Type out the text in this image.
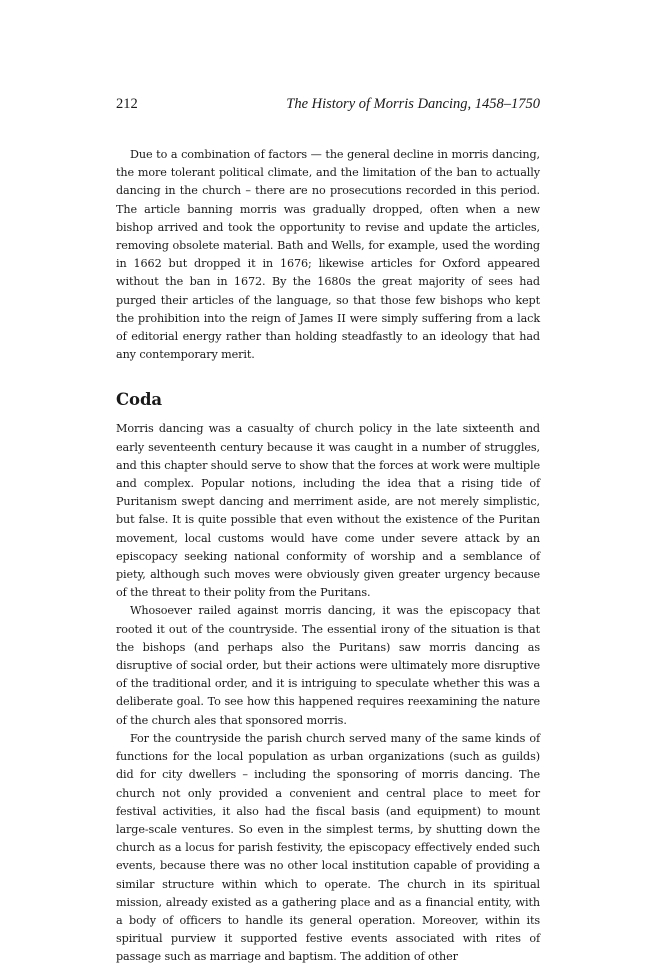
212	The History of Morris Dancing, 1458–1750

Due to a combination of factors — the general decline in morris dancing, the more tolerant political climate, and the limitation of the ban to actually dancing in the church – there are no prosecutions recorded in this period. The article banning morris was gradually dropped, often when a new bishop arrived and took the opportunity to revise and update the articles, removing obsolete material. Bath and Wells, for example, used the wording in 1662 but dropped it in 1676; likewise articles for Oxford appeared without the ban in 1672. By the 1680s the great majority of sees had purged their articles of the language, so that those few bishops who kept the prohibition into the reign of James II were simply suffering from a lack of editorial energy rather than holding steadfastly to an ideology that had any contemporary merit.

Coda

Morris dancing was a casualty of church policy in the late sixteenth and early seventeenth century because it was caught in a number of struggles, and this chapter should serve to show that the forces at work were multiple and complex. Popular notions, including the idea that a rising tide of Puritanism swept dancing and merriment aside, are not merely simplistic, but false. It is quite possible that even without the existence of the Puritan movement, local customs would have come under severe attack by an episcopacy seeking national conformity of worship and a semblance of piety, although such moves were obviously given greater urgency because of the threat to their polity from the Puritans.

Whosoever railed against morris dancing, it was the episcopacy that rooted it out of the countryside. The essential irony of the situation is that the bishops (and perhaps also the Puritans) saw morris dancing as disruptive of social order, but their actions were ultimately more disruptive of the traditional order, and it is intriguing to speculate whether this was a deliberate goal. To see how this happened requires reexamining the nature of the church ales that sponsored morris.

For the countryside the parish church served many of the same kinds of functions for the local population as urban organizations (such as guilds) did for city dwellers – including the sponsoring of morris dancing. The church not only provided a convenient and central place to meet for festival activities, it also had the fiscal basis (and equipment) to mount large-scale ventures. So even in the simplest terms, by shutting down the church as a locus for parish festivity, the episcopacy effectively ended such events, because there was no other local institution capable of providing a similar structure within which to operate. The church in its spiritual mission, already existed as a gathering place and as a financial entity, with a body of officers to handle its general operation. Moreover, within its spiritual purview it supported festive events associated with rites of passage such as marriage and baptism. The addition of other
